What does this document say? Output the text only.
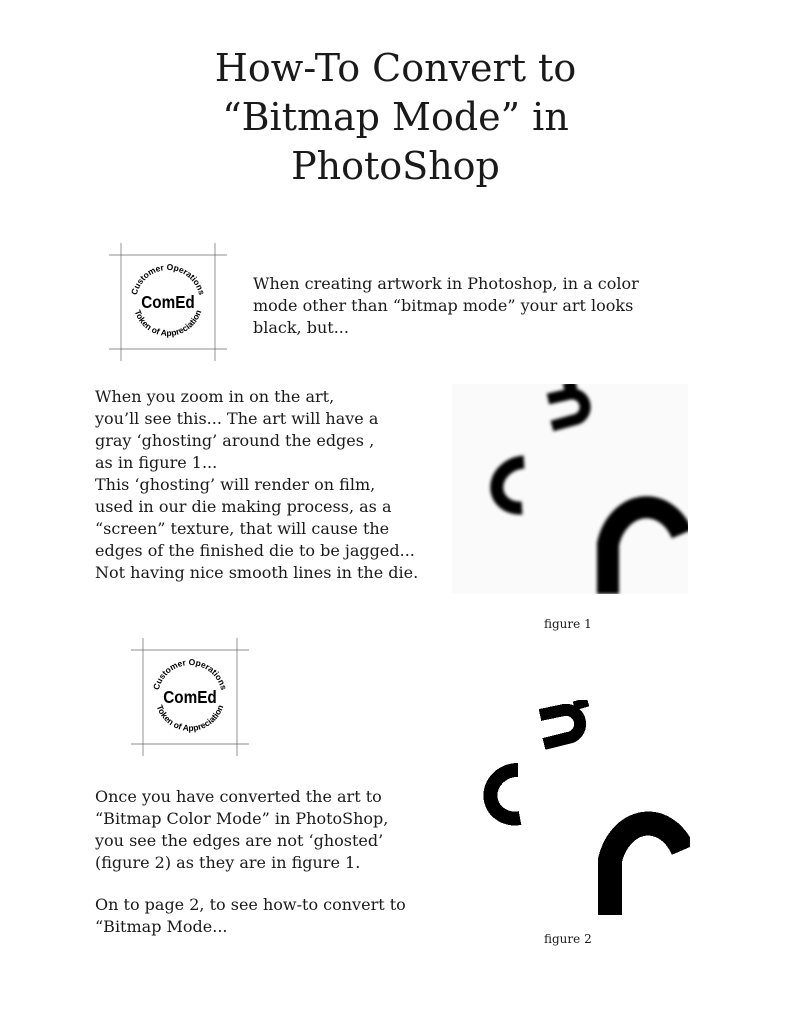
How-To Convert to
“Bitmap Mode” in
PhotoShop
Customer Operations
Token of Appreciation
ComEd

When creating artwork in Photoshop, in a color
mode other than “bitmap mode” your art looks
black, but...

When you zoom in on the art,
you’ll see this... The art will have a
gray ‘ghosting’ around the edges ,
as in figure 1...
This ‘ghosting’ will render on film,
used in our die making process, as a
“screen” texture, that will cause the
edges of the finished die to be jagged...
Not having nice smooth lines in the die.

figure 1

Customer Operations
Token of Appreciation
ComEd

Once you have converted the art to
“Bitmap Color Mode” in PhotoShop,
you see the edges are not ‘ghosted’
(figure 2) as they are in figure 1.

On to page 2, to see how-to convert to
“Bitmap Mode...

figure 2
